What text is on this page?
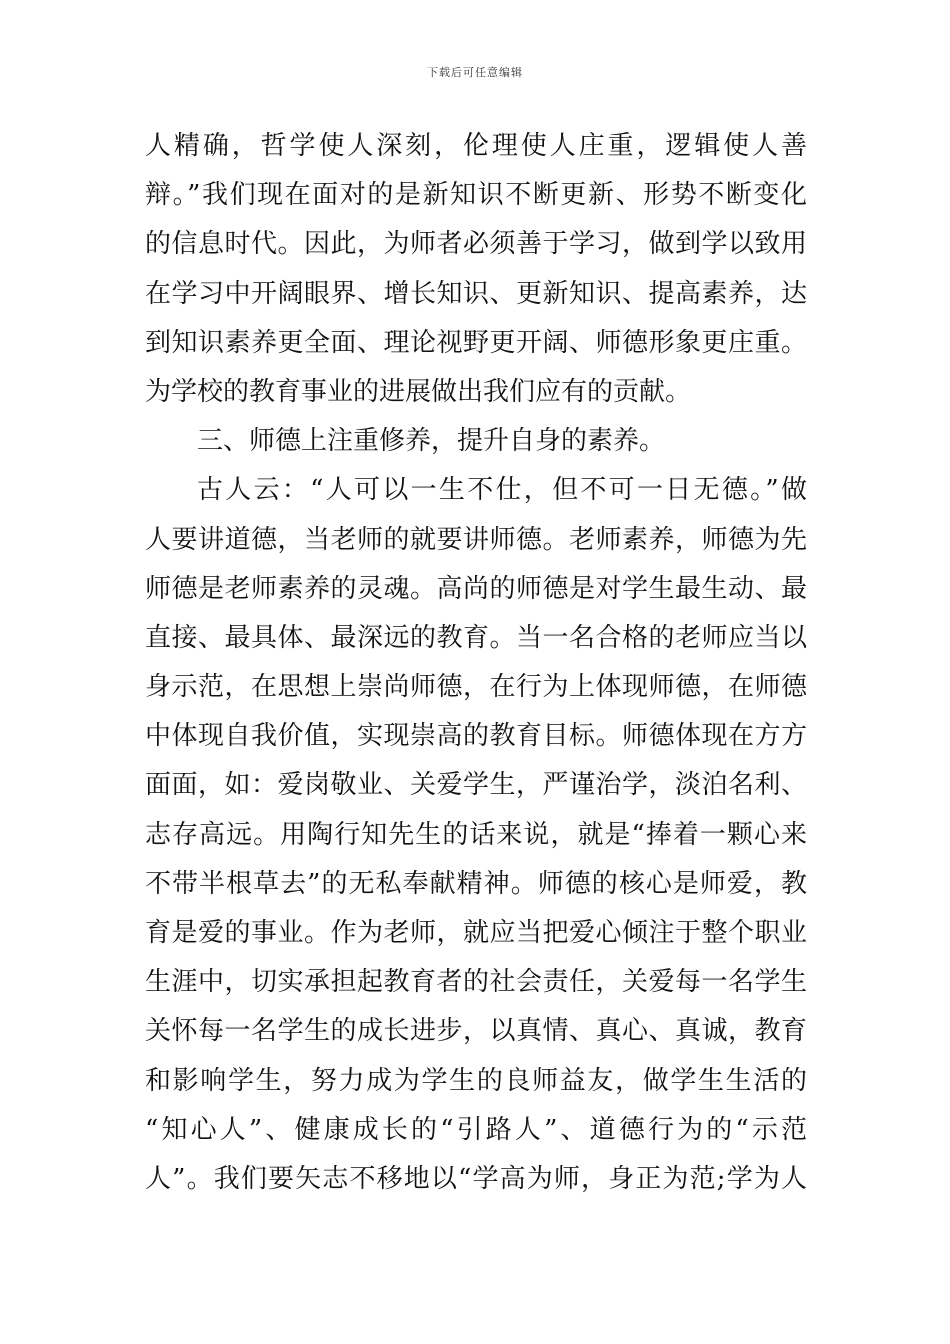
下载后可任意编辑
人精确，哲学使人深刻，伦理使人庄重，逻辑使人善
辩。”我们现在面对的是新知识不断更新、形势不断变化
的信息时代。因此，为师者必须善于学习，做到学以致用
在学习中开阔眼界、增长知识、更新知识、提高素养，达
到知识素养更全面、理论视野更开阔、师德形象更庄重。
为学校的教育事业的进展做出我们应有的贡献。
三、师德上注重修养，提升自身的素养。
古人云：“人可以一生不仕，但不可一日无德。”做
人要讲道德，当老师的就要讲师德。老师素养，师德为先
师德是老师素养的灵魂。高尚的师德是对学生最生动、最
直接、最具体、最深远的教育。当一名合格的老师应当以
身示范，在思想上崇尚师德，在行为上体现师德，在师德
中体现自我价值，实现崇高的教育目标。师德体现在方方
面面，如：爱岗敬业、关爱学生，严谨治学，淡泊名利、
志存高远。用陶行知先生的话来说，就是“捧着一颗心来
不带半根草去”的无私奉献精神。师德的核心是师爱，教
育是爱的事业。作为老师，就应当把爱心倾注于整个职业
生涯中，切实承担起教育者的社会责任，关爱每一名学生
关怀每一名学生的成长进步，以真情、真心、真诚，教育
和影响学生，努力成为学生的良师益友，做学生生活的
“知心人”、健康成长的“引路人”、道德行为的“示范
人”。我们要矢志不移地以“学高为师，身正为范;学为人
